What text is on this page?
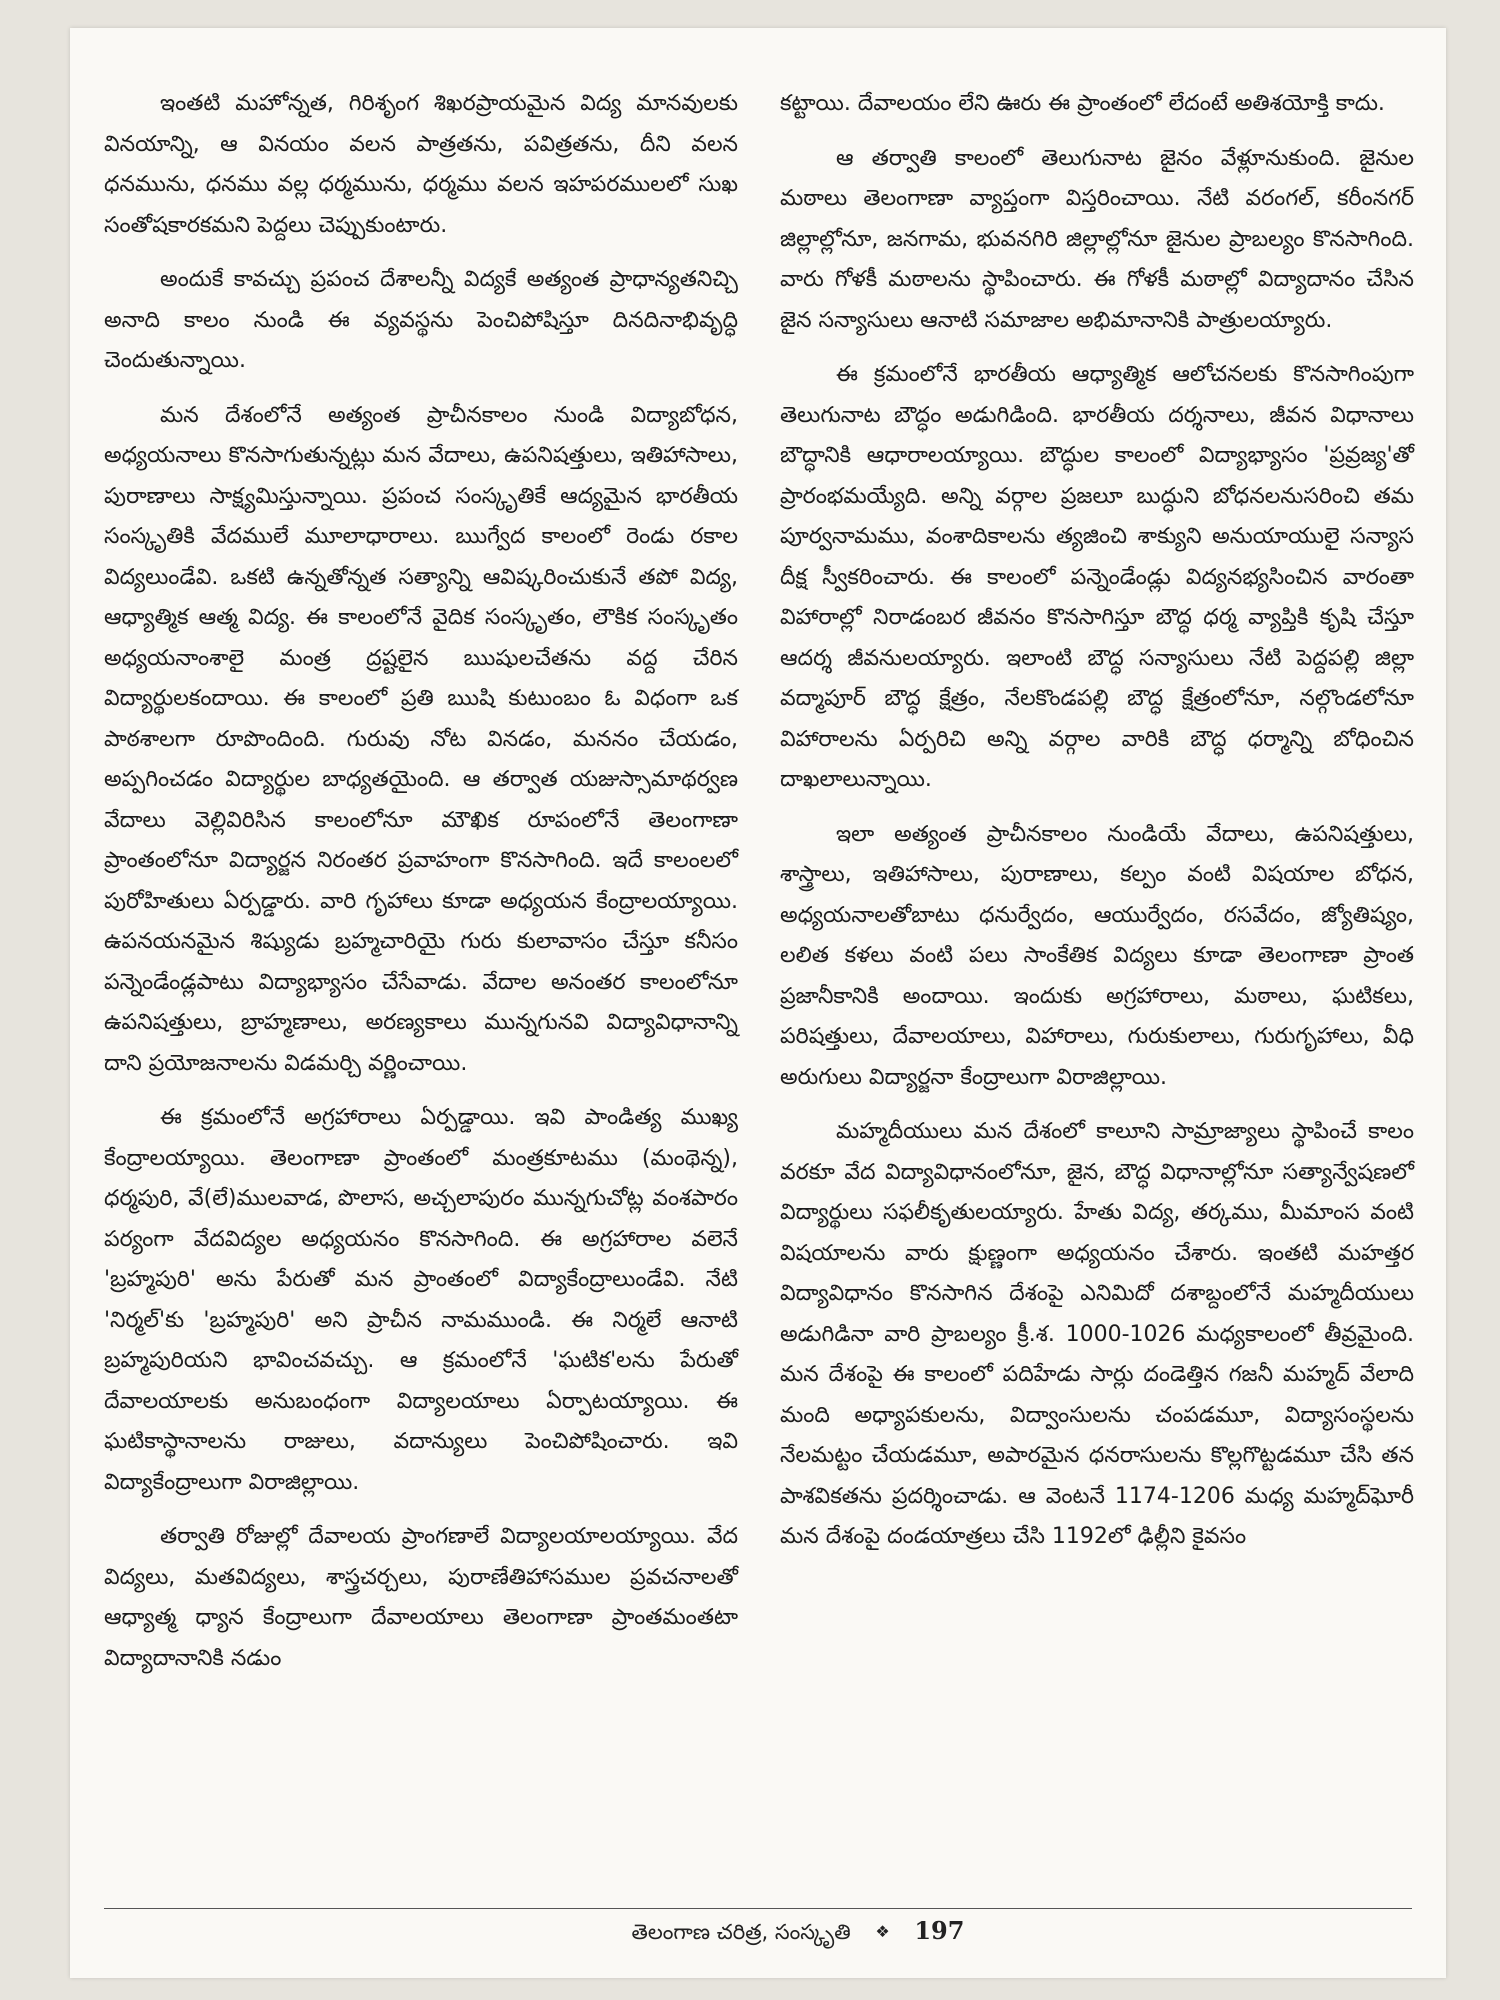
ఇంతటి మహోన్నత, గిరిశృంగ శిఖరప్రాయమైన విద్య మానవులకు వినయాన్ని, ఆ వినయం వలన పాత్రతను, పవిత్రతను, దీని వలన ధనమును, ధనము వల్ల ధర్మమును, ధర్మము వలన ఇహపరములలో సుఖ సంతోషకారకమని పెద్దలు చెప్పుకుంటారు.

అందుకే కావచ్చు ప్రపంచ దేశాలన్నీ విద్యకే అత్యంత ప్రాధాన్యతనిచ్చి అనాది కాలం నుండి ఈ వ్యవస్థను పెంచిపోషిస్తూ దినదినాభివృద్ధి చెందుతున్నాయి.

మన దేశంలోనే అత్యంత ప్రాచీనకాలం నుండి విద్యాబోధన, అధ్యయనాలు కొనసాగుతున్నట్లు మన వేదాలు, ఉపనిషత్తులు, ఇతిహాసాలు, పురాణాలు సాక్ష్యమిస్తున్నాయి. ప్రపంచ సంస్కృతికే ఆద్యమైన భారతీయ సంస్కృతికి వేదములే మూలాధారాలు. ఋగ్వేద కాలంలో రెండు రకాల విద్యలుండేవి. ఒకటి ఉన్నతోన్నత సత్యాన్ని ఆవిష్కరించుకునే తపో విద్య, ఆధ్యాత్మిక ఆత్మ విద్య. ఈ కాలంలోనే వైదిక సంస్కృతం, లౌకిక సంస్కృతం అధ్యయనాంశాలై మంత్ర ద్రష్టలైన ఋషులచేతను వద్ద చేరిన విద్యార్థులకందాయి. ఈ కాలంలో ప్రతి ఋషి కుటుంబం ఓ విధంగా ఒక పాఠశాలగా రూపొందింది. గురువు నోట వినడం, మననం చేయడం, అప్పగించడం విద్యార్థుల బాధ్యతయైంది. ఆ తర్వాత యజుస్సామాథర్వణ వేదాలు వెల్లివిరిసిన కాలంలోనూ మౌఖిక రూపంలోనే తెలంగాణా ప్రాంతంలోనూ విద్యార్జన నిరంతర ప్రవాహంగా కొనసాగింది. ఇదే కాలంలలో పురోహితులు ఏర్పడ్డారు. వారి గృహాలు కూడా అధ్యయన కేంద్రాలయ్యాయి. ఉపనయనమైన శిష్యుడు బ్రహ్మచారియై గురు కులావాసం చేస్తూ కనీసం పన్నెండేండ్లపాటు విద్యాభ్యాసం చేసేవాడు. వేదాల అనంతర కాలంలోనూ ఉపనిషత్తులు, బ్రాహ్మణాలు, అరణ్యకాలు మున్నగునవి విద్యావిధానాన్ని దాని ప్రయోజనాలను విడమర్చి వర్ణించాయి.

ఈ క్రమంలోనే అగ్రహారాలు ఏర్పడ్డాయి. ఇవి పాండిత్య ముఖ్య కేంద్రాలయ్యాయి. తెలంగాణా ప్రాంతంలో మంత్రకూటము (మంథెన్న), ధర్మపురి, వే(లే)ములవాడ, పొలాస, అచ్చలాపురం మున్నగుచోట్ల వంశపారం పర్యంగా వేదవిద్యల అధ్యయనం కొనసాగింది. ఈ అగ్రహారాల వలెనే 'బ్రహ్మపురి' అను పేరుతో మన ప్రాంతంలో విద్యాకేంద్రాలుండేవి. నేటి 'నిర్మల్'కు 'బ్రహ్మపురి' అని ప్రాచీన నామముండి. ఈ నిర్మలే ఆనాటి బ్రహ్మపురియని భావించవచ్చు. ఆ క్రమంలోనే 'ఘటిక'లను పేరుతో దేవాలయాలకు అనుబంధంగా విద్యాలయాలు ఏర్పాటయ్యాయి. ఈ ఘటికాస్థానాలను రాజులు, వదాన్యులు పెంచిపోషించారు. ఇవి విద్యాకేంద్రాలుగా విరాజిల్లాయి.

తర్వాతి రోజుల్లో దేవాలయ ప్రాంగణాలే విద్యాలయాలయ్యాయి. వేద విద్యలు, మతవిద్యలు, శాస్త్రచర్చలు, పురాణేతిహాసముల ప్రవచనాలతో ఆధ్యాత్మ ధ్యాన కేంద్రాలుగా దేవాలయాలు తెలంగాణా ప్రాంతమంతటా విద్యాదానానికి నడుం

కట్టాయి. దేవాలయం లేని ఊరు ఈ ప్రాంతంలో లేదంటే అతిశయోక్తి కాదు.

ఆ తర్వాతి కాలంలో తెలుగునాట జైనం వేళ్లూనుకుంది. జైనుల మఠాలు తెలంగాణా వ్యాప్తంగా విస్తరించాయి. నేటి వరంగల్, కరీంనగర్ జిల్లాల్లోనూ, జనగామ, భువనగిరి జిల్లాల్లోనూ జైనుల ప్రాబల్యం కొనసాగింది. వారు గోళకీ మఠాలను స్థాపించారు. ఈ గోళకీ మఠాల్లో విద్యాదానం చేసిన జైన సన్యాసులు ఆనాటి సమాజాల అభిమానానికి పాత్రులయ్యారు.

ఈ క్రమంలోనే భారతీయ ఆధ్యాత్మిక ఆలోచనలకు కొనసాగింపుగా తెలుగునాట బౌద్ధం అడుగిడింది. భారతీయ దర్శనాలు, జీవన విధానాలు బౌద్ధానికి ఆధారాలయ్యాయి. బౌద్ధుల కాలంలో విద్యాభ్యాసం 'ప్రవ్రజ్య'తో ప్రారంభమయ్యేది. అన్ని వర్గాల ప్రజలూ బుద్ధుని బోధనలనుసరించి తమ పూర్వనామము, వంశాదికాలను త్యజించి శాక్యుని అనుయాయులై సన్యాస దీక్ష స్వీకరించారు. ఈ కాలంలో పన్నెండేండ్లు విద్యనభ్యసించిన వారంతా విహారాల్లో నిరాడంబర జీవనం కొనసాగిస్తూ బౌద్ధ ధర్మ వ్యాప్తికి కృషి చేస్తూ ఆదర్శ జీవనులయ్యారు. ఇలాంటి బౌద్ధ సన్యాసులు నేటి పెద్దపల్లి జిల్లా వద్మాపూర్ బౌద్ధ క్షేత్రం, నేలకొండపల్లి బౌద్ధ క్షేత్రంలోనూ, నల్గొండలోనూ విహారాలను ఏర్పరిచి అన్ని వర్గాల వారికి బౌద్ధ ధర్మాన్ని బోధించిన దాఖలాలున్నాయి.

ఇలా అత్యంత ప్రాచీనకాలం నుండియే వేదాలు, ఉపనిషత్తులు, శాస్త్రాలు, ఇతిహాసాలు, పురాణాలు, కల్పం వంటి విషయాల బోధన, అధ్యయనాలతోబాటు ధనుర్వేదం, ఆయుర్వేదం, రసవేదం, జ్యోతిష్యం, లలిత కళలు వంటి పలు సాంకేతిక విద్యలు కూడా తెలంగాణా ప్రాంత ప్రజానీకానికి అందాయి. ఇందుకు అగ్రహారాలు, మఠాలు, ఘటికలు, పరిషత్తులు, దేవాలయాలు, విహారాలు, గురుకులాలు, గురుగృహాలు, వీధి అరుగులు విద్యార్జనా కేంద్రాలుగా విరాజిల్లాయి.

మహ్మదీయులు మన దేశంలో కాలూని సామ్రాజ్యాలు స్థాపించే కాలం వరకూ వేద విద్యావిధానంలోనూ, జైన, బౌద్ధ విధానాల్లోనూ సత్యాన్వేషణలో విద్యార్థులు సఫలీకృతులయ్యారు. హేతు విద్య, తర్కము, మీమాంస వంటి విషయాలను వారు క్షుణ్ణంగా అధ్యయనం చేశారు. ఇంతటి మహత్తర విద్యావిధానం కొనసాగిన దేశంపై ఎనిమిదో దశాబ్దంలోనే మహ్మదీయులు అడుగిడినా వారి ప్రాబల్యం క్రీ.శ. 1000-1026 మధ్యకాలంలో తీవ్రమైంది. మన దేశంపై ఈ కాలంలో పదిహేడు సార్లు దండెత్తిన గజనీ మహ్మద్ వేలాది మంది అధ్యాపకులను, విద్వాంసులను చంపడమూ, విద్యాసంస్థలను నేలమట్టం చేయడమూ, అపారమైన ధనరాసులను కొల్లగొట్టడమూ చేసి తన పాశవికతను ప్రదర్శించాడు. ఆ వెంటనే 1174-1206 మధ్య మహ్మద్‌ఘోరీ మన దేశంపై దండయాత్రలు చేసి 1192లో ఢిల్లీని కైవసం

తెలంగాణ చరిత్ర, సంస్కృతి ❖ 197
